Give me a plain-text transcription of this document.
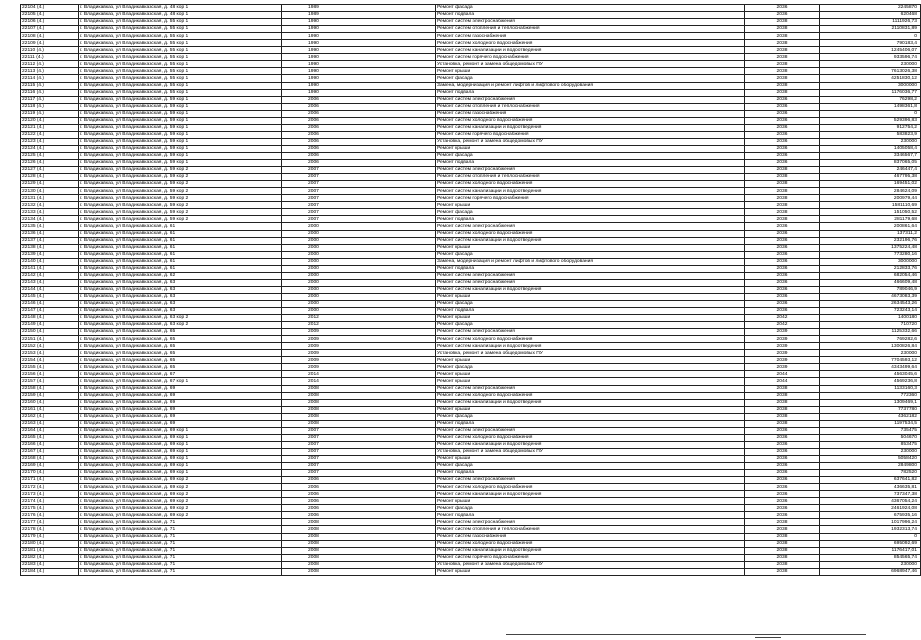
22104 (4.)	г. Владикавказ, ул Владикавказская, д. 48 кор 1	1989	Ремонт фасада	2036	2245870
22105 (4.)	г. Владикавказ, ул Владикавказская, д. 48 кор 1	1989	Ремонт подвала	2036	620468
22106 (4.)	г. Владикавказ, ул Владикавказская, д. 55 кор 1	1990	Ремонт систем электроснабжения	2038	1111926,73
22107 (4.)	г. Владикавказ, ул Владикавказская, д. 55 кор 1	1990	Ремонт систем отопления и теплоснабжения	2038	2110831,89
22108 (4.)	г. Владикавказ, ул Владикавказская, д. 55 кор 1	1990	Ремонт систем газоснабжения	2038	0
22109 (4.)	г. Владикавказ, ул Владикавказская, д. 55 кор 1	1990	Ремонт систем холодного водоснабжения	2038	790183,4
22110 (4.)	г. Владикавказ, ул Владикавказская, д. 55 кор 1	1990	Ремонт систем канализации и водоотведения	2038	1245406,07
22111 (4.)	г. Владикавказ, ул Владикавказская, д. 55 кор 1	1990	Ремонт систем горячего водоснабжения	2038	933596,74
22112 (4.)	г. Владикавказ, ул Владикавказская, д. 55 кор 1	1990	Установка, ремонт и замена общедомовых ПУ	2038	230000
22113 (4.)	г. Владикавказ, ул Владикавказская, д. 55 кор 1	1990	Ремонт крыши	2038	7613026,38
22114 (4.)	г. Владикавказ, ул Владикавказская, д. 55 кор 1	1990	Ремонт фасада	2038	4251830,12
22115 (4.)	г. Владикавказ, ул Владикавказская, д. 55 кор 1	1990	Замена, модернизация и ремонт лифтов и лифтового оборудования	2038	3000000
22116 (4.)	г. Владикавказ, ул Владикавказская, д. 55 кор 1	1990	Ремонт подвала	2038	1176036,77
22117 (4.)	г. Владикавказ, ул Владикавказская, д. 59 кор 1	2006	Ремонт систем электроснабжения	2036	76298,2
22118 (4.)	г. Владикавказ, ул Владикавказская, д. 59 кор 1	2006	Ремонт систем отопления и теплоснабжения	2036	1498361,8
22119 (4.)	г. Владикавказ, ул Владикавказская, д. 59 кор 1	2006	Ремонт систем газоснабжения	2036	0
22120 (4.)	г. Владикавказ, ул Владикавказская, д. 59 кор 1	2006	Ремонт систем холодного водоснабжения	2036	529396,83
22121 (4.)	г. Владикавказ, ул Владикавказская, д. 59 кор 1	2006	Ремонт систем канализации и водоотведения	2036	912754,2
22122 (4.)	г. Владикавказ, ул Владикавказская, д. 59 кор 1	2006	Ремонт систем горячего водоснабжения	2036	583823,9
22123 (4.)	г. Владикавказ, ул Владикавказская, д. 59 кор 1	2006	Установка, ремонт и замена общедомовых ПУ	2036	230000
22124 (4.)	г. Владикавказ, ул Владикавказская, д. 59 кор 1	2006	Ремонт крыши	2036	1405058,4
22125 (4.)	г. Владикавказ, ул Владикавказская, д. 59 кор 1	2006	Ремонт фасада	2036	3346567,7
22126 (4.)	г. Владикавказ, ул Владикавказская, д. 59 кор 1	2006	Ремонт подвала	2036	837065,05
22127 (4.)	г. Владикавказ, ул Владикавказская, д. 59 кор 2	2007	Ремонт систем электроснабжения	2038	246447,4
22128 (4.)	г. Владикавказ, ул Владикавказская, д. 59 кор 2	2007	Ремонт систем отопления и теплоснабжения	2038	467795,38
22129 (4.)	г. Владикавказ, ул Владикавказская, д. 59 кор 2	2007	Ремонт систем холодного водоснабжения	2038	169451,02
22130 (4.)	г. Владикавказ, ул Владикавказская, д. 59 кор 2	2007	Ремонт систем канализации и водоотведения	2038	284624,09
22131 (4.)	г. Владикавказ, ул Владикавказская, д. 59 кор 2	2007	Ремонт систем горячего водоснабжения	2038	200979,44
22132 (4.)	г. Владикавказ, ул Владикавказская, д. 59 кор 2	2007	Ремонт крыши	2038	1581110,69
22133 (4.)	г. Владикавказ, ул Владикавказская, д. 59 кор 2	2007	Ремонт фасада	2038	151050,52
22134 (4.)	г. Владикавказ, ул Владикавказская, д. 59 кор 2	2007	Ремонт подвала	2038	281179,68
22135 (4.)	г. Владикавказ, ул Владикавказская, д. 61	2000	Ремонт систем электроснабжения	2036	200861,64
22136 (4.)	г. Владикавказ, ул Владикавказская, д. 61	2000	Ремонт систем холодного водоснабжения	2036	137311,2
22137 (4.)	г. Владикавказ, ул Владикавказская, д. 61	2000	Ремонт систем канализации и водоотведения	2036	232196,76
22138 (4.)	г. Владикавказ, ул Владикавказская, д. 61	2000	Ремонт крыши	2036	1375224,48
22139 (4.)	г. Владикавказ, ул Владикавказская, д. 61	2000	Ремонт фасада	2036	773280,16
22140 (4.)	г. Владикавказ, ул Владикавказская, д. 61	2000	Замена, модернизация и ремонт лифтов и лифтового оборудования	2036	3000000
22141 (4.)	г. Владикавказ, ул Владикавказская, д. 61	2000	Ремонт подвала	2036	212833,76
22142 (4.)	г. Владикавказ, ул Владикавказская, д. 62	2000	Ремонт систем электроснабжения	2036	682054,46
22143 (4.)	г. Владикавказ, ул Владикавказская, д. 63	2000	Ремонт систем электроснабжения	2036	466609,48
22144 (4.)	г. Владикавказ, ул Владикавказская, д. 63	2000	Ремонт систем канализации и водоотведения	2036	789046,9
22145 (4.)	г. Владикавказ, ул Владикавказская, д. 63	2000	Ремонт крыши	2036	4673083,39
22146 (4.)	г. Владикавказ, ул Владикавказская, д. 63	2000	Ремонт фасада	2036	2634543,26
22147 (4.)	г. Владикавказ, ул Владикавказская, д. 63	2000	Ремонт подвала	2036	723243,14
22148 (4.)	г. Владикавказ, ул Владикавказская, д. 63 кор 2	2012	Ремонт крыши	2042	1400180
22149 (4.)	г. Владикавказ, ул Владикавказская, д. 63 кор 2	2012	Ремонт фасада	2042	710720
22150 (4.)	г. Владикавказ, ул Владикавказская, д. 65	2009	Ремонт систем электроснабжения	2039	1125332,66
22151 (4.)	г. Владикавказ, ул Владикавказская, д. 65	2009	Ремонт систем холодного водоснабжения	2039	769282,6
22152 (4.)	г. Владикавказ, ул Владикавказская, д. 65	2009	Ремонт систем канализации и водоотведения	2039	1300826,84
22153 (4.)	г. Владикавказ, ул Владикавказская, д. 65	2009	Установка, ремонт и замена общедомовых ПУ	2039	230000
22154 (4.)	г. Владикавказ, ул Владикавказская, д. 65	2009	Ремонт крыши	2039	7704593,12
22155 (4.)	г. Владикавказ, ул Владикавказская, д. 65	2009	Ремонт фасада	2039	4343499,64
22156 (4.)	г. Владикавказ, ул Владикавказская, д. 67	2014	Ремонт крыши	2044	4563045,6
22157 (4.)	г. Владикавказ, ул Владикавказская, д. 67 кор 1	2014	Ремонт крыши	2044	4569236,8
22158 (4.)	г. Владикавказ, ул Владикавказская, д. 69	2008	Ремонт систем электроснабжения	2038	1133160,3
22159 (4.)	г. Владикавказ, ул Владикавказская, д. 69	2008	Ремонт систем холодного водоснабжения	2038	772360
22160 (4.)	г. Владикавказ, ул Владикавказская, д. 69	2008	Ремонт систем канализации и водоотведения	2038	1309469,1
22161 (4.)	г. Владикавказ, ул Владикавказская, д. 69	2008	Ремонт крыши	2038	7737780
22162 (4.)	г. Владикавказ, ул Владикавказская, д. 69	2008	Ремонт фасада	2038	4362182
22163 (4.)	г. Владикавказ, ул Владикавказская, д. 69	2008	Ремонт подвала	2038	1197534,5
22164 (4.)	г. Владикавказ, ул Владикавказская, д. 69 кор 1	2007	Ремонт систем электроснабжения	2036	735475
22165 (4.)	г. Владикавказ, ул Владикавказская, д. 69 кор 1	2007	Ремонт систем холодного водоснабжения	2036	504670
22166 (4.)	г. Владикавказ, ул Владикавказская, д. 69 кор 1	2007	Ремонт систем канализации и водоотведения	2036	853475
22167 (4.)	г. Владикавказ, ул Владикавказская, д. 69 кор 1	2007	Установка, ремонт и замена общедомовых ПУ	2036	230000
22168 (4.)	г. Владикавказ, ул Владикавказская, д. 69 кор 1	2007	Ремонт крыши	2036	5058420
22169 (4.)	г. Владикавказ, ул Владикавказская, д. 69 кор 1	2007	Ремонт фасада	2036	2849800
22170 (4.)	г. Владикавказ, ул Владикавказская, д. 69 кор 1	2007	Ремонт подвала	2036	782520
22171 (4.)	г. Владикавказ, ул Владикавказская, д. 69 кор 2	2006	Ремонт систем электроснабжения	2036	637641,82
22172 (4.)	г. Владикавказ, ул Владикавказская, д. 69 кор 2	2006	Ремонт систем холодного водоснабжения	2036	436635,81
22173 (4.)	г. Владикавказ, ул Владикавказская, д. 69 кор 2	2006	Ремонт систем канализации и водоотведения	2036	737347,38
22174 (4.)	г. Владикавказ, ул Владикавказская, д. 69 кор 2	2006	Ремонт крыши	2036	4367054,24
22175 (4.)	г. Владикавказ, ул Владикавказская, д. 69 кор 2	2006	Ремонт фасада	2036	2461924,08
22176 (4.)	г. Владикавказ, ул Владикавказская, д. 69 кор 2	2006	Ремонт подвала	2036	675935,16
22177 (4.)	г. Владикавказ, ул Владикавказская, д. 71	2008	Ремонт систем электроснабжения	2038	1017996,24
22178 (4.)	г. Владикавказ, ул Владикавказская, д. 71	2008	Ремонт систем отопления и теплоснабжения	2038	1932313,74
22179 (4.)	г. Владикавказ, ул Владикавказская, д. 71	2008	Ремонт систем газоснабжения	2038	0
22180 (4.)	г. Владикавказ, ул Владикавказская, д. 71	2008	Ремонт систем холодного водоснабжения	2038	695092,69
22181 (4.)	г. Владикавказ, ул Владикавказская, д. 71	2008	Ремонт систем канализации и водоотведения	2038	1176417,01
22182 (4.)	г. Владикавказ, ул Владикавказская, д. 71	2008	Ремонт систем горячего водоснабжения	2038	854565,74
22183 (4.)	г. Владикавказ, ул Владикавказская, д. 71	2008	Установка, ремонт и замена общедомовых ПУ	2038	230000
22184 (4.)	г. Владикавказ, ул Владикавказская, д. 71	2008	Ремонт крыши	2038	6968947,46
